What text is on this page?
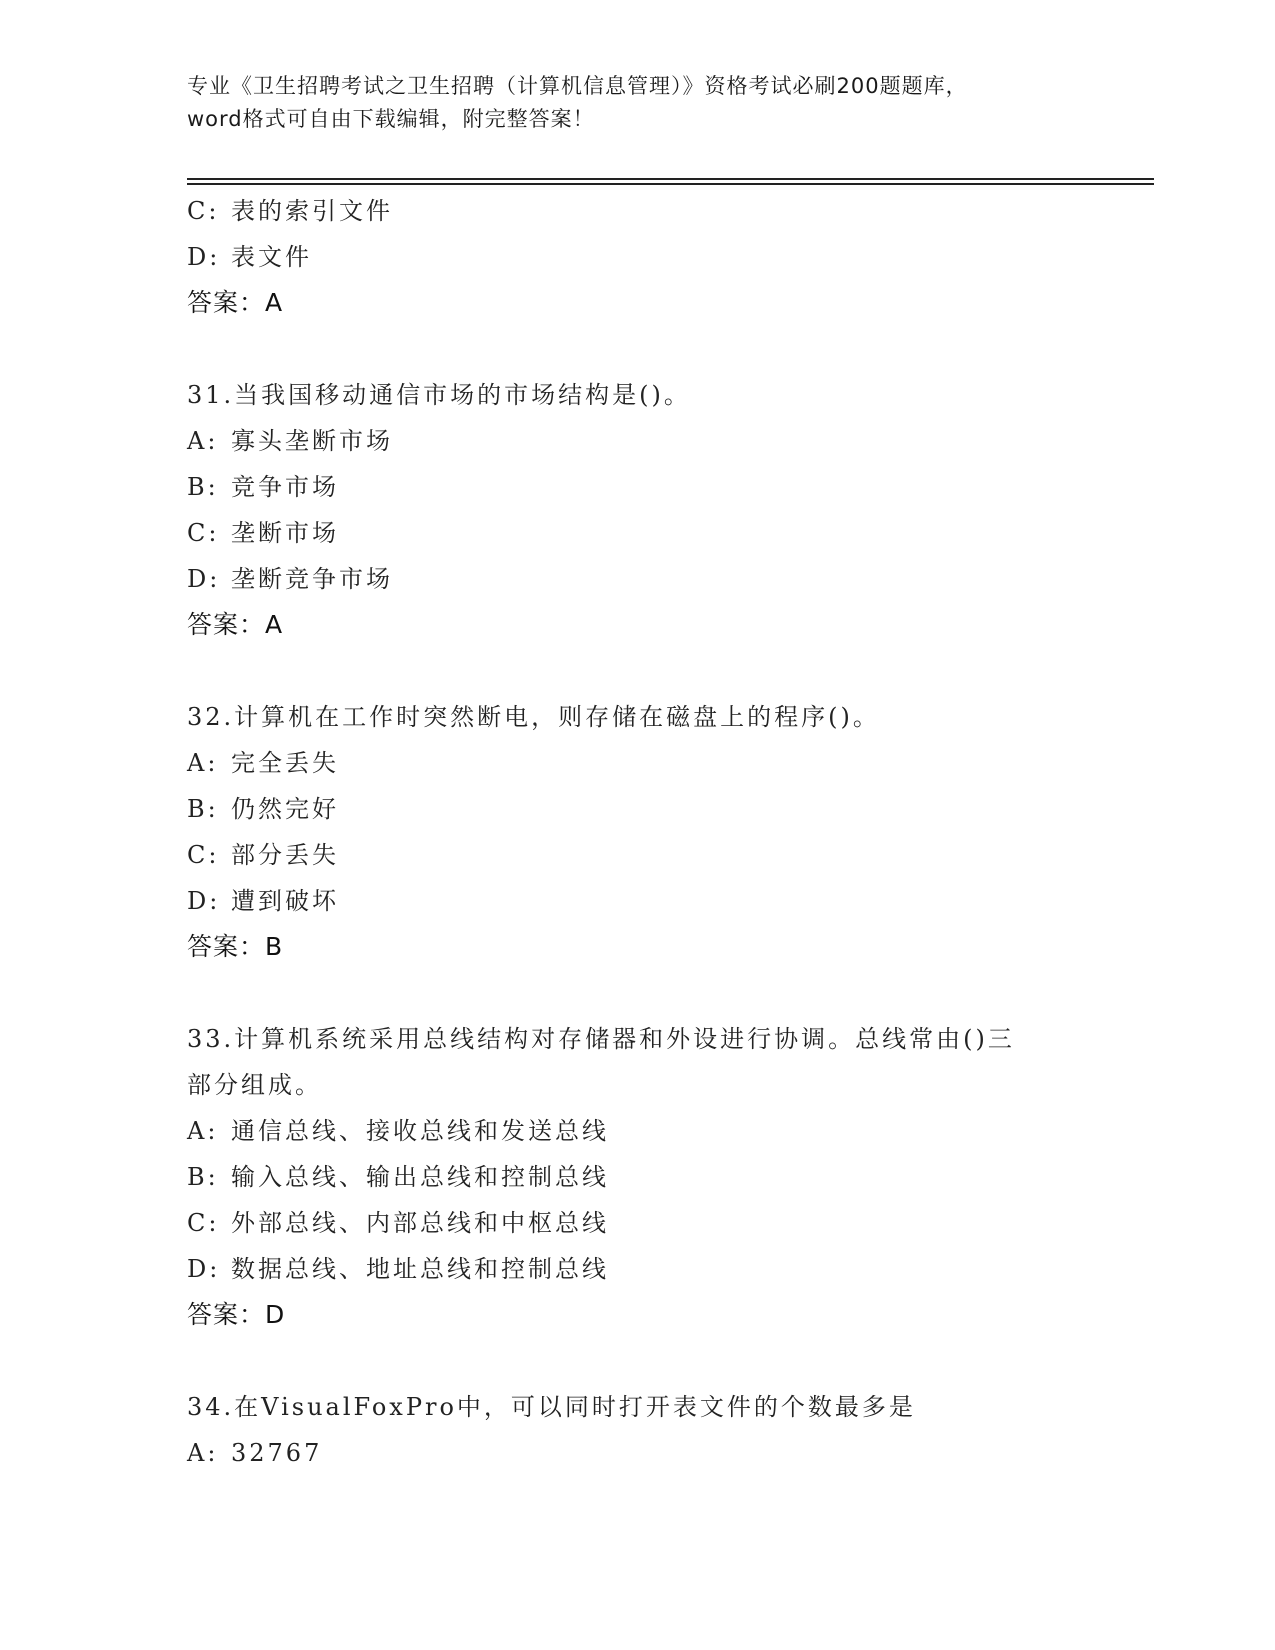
专业《卫生招聘考试之卫生招聘（计算机信息管理）》资格考试必刷200题题库，
word格式可自由下载编辑，附完整答案！
C: 表的索引文件
D: 表文件
答案：A
31.当我国移动通信市场的市场结构是()。
A: 寡头垄断市场
B: 竞争市场
C: 垄断市场
D: 垄断竞争市场
答案：A
32.计算机在工作时突然断电，则存储在磁盘上的程序()。
A: 完全丢失
B: 仍然完好
C: 部分丢失
D: 遭到破坏
答案：B
33.计算机系统采用总线结构对存储器和外设进行协调。总线常由()三
部分组成。
A: 通信总线、接收总线和发送总线
B: 输入总线、输出总线和控制总线
C: 外部总线、内部总线和中枢总线
D: 数据总线、地址总线和控制总线
答案：D
34.在VisualFoxPro中，可以同时打开表文件的个数最多是
A: 32767
